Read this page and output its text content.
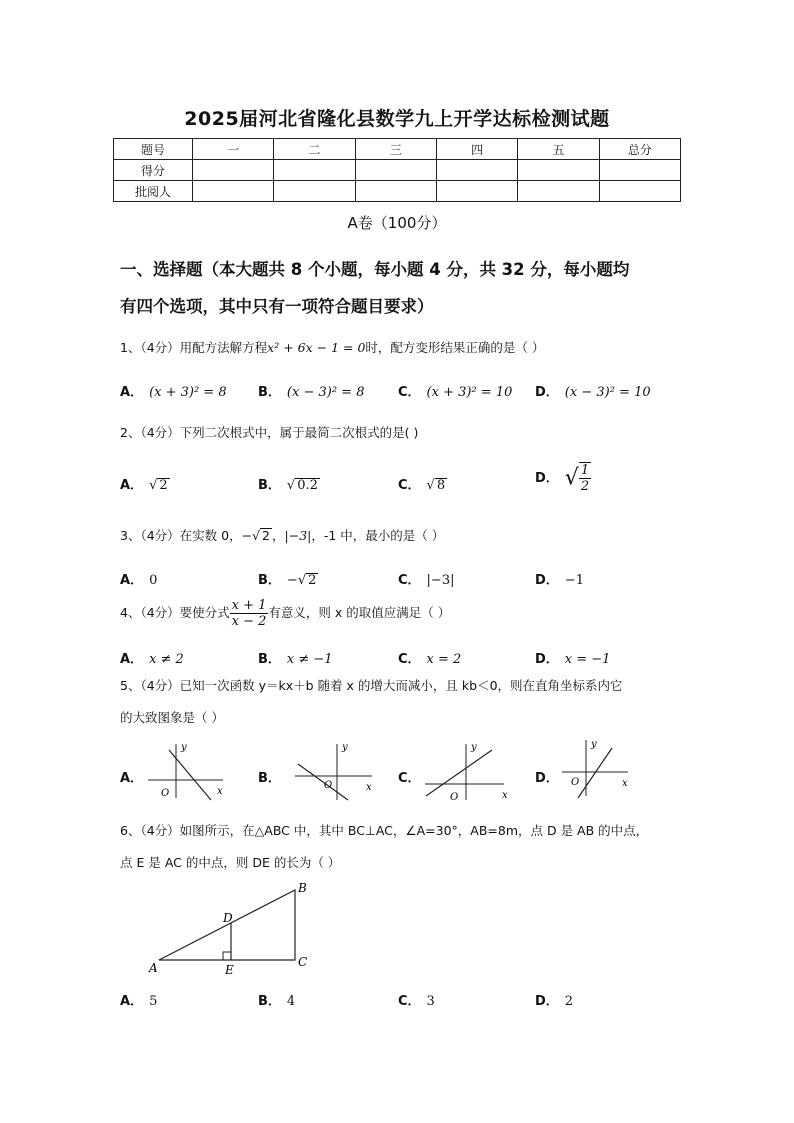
2025届河北省隆化县数学九上开学达标检测试题
题号	一	二	三	四	五	总分
得分						
批阅人						
A卷（100分）
一、选择题（本大题共 8 个小题，每小题 4 分，共 32 分，每小题均
有四个选项，其中只有一项符合题目要求）
1、（4分）用配方法解方程x² + 6x − 1 = 0时，配方变形结果正确的是（ ）
A． (x + 3)² = 8 B． (x − 3)² = 8	C． (x + 3)² = 10 D． (x − 3)² = 10
2、（4分）下列二次根式中，属于最简二次根式的是( )
A． √ 2	B． √ 0.2	C． √ 8	D． √ $\frac{1}{2}$
3、（4分）在实数 0，−√ 2 ，|−3|，-1 中，最小的是（ ）
A． 0	B． −√ 2	C． |−3|	D． −1
4、（4分）要使分式 $\frac{x + 1}{x - 2}$ 有意义，则 x 的取值应满足（ ）
A． x ≠ 2	B． x ≠ −1	C． x = 2	D． x = −1
5、（4分）已知一次函数 y＝kx＋b 随着 x 的增大而减小，且 kb＜0，则在直角坐标系内它
的大致图象是（ ）
A．
y
x
O
B．
y
x
O	C．
y
x
O
D．
y
x
O
6、（4分）如图所示，在△ABC 中，其中 BC⊥AC，∠A=30°，AB=8m，点 D 是 AB 的中点，
点 E 是 AC 的中点，则 DE 的长为（ ）
A
B
C
D
E
A． 5	B． 4	C． 3	D． 2
